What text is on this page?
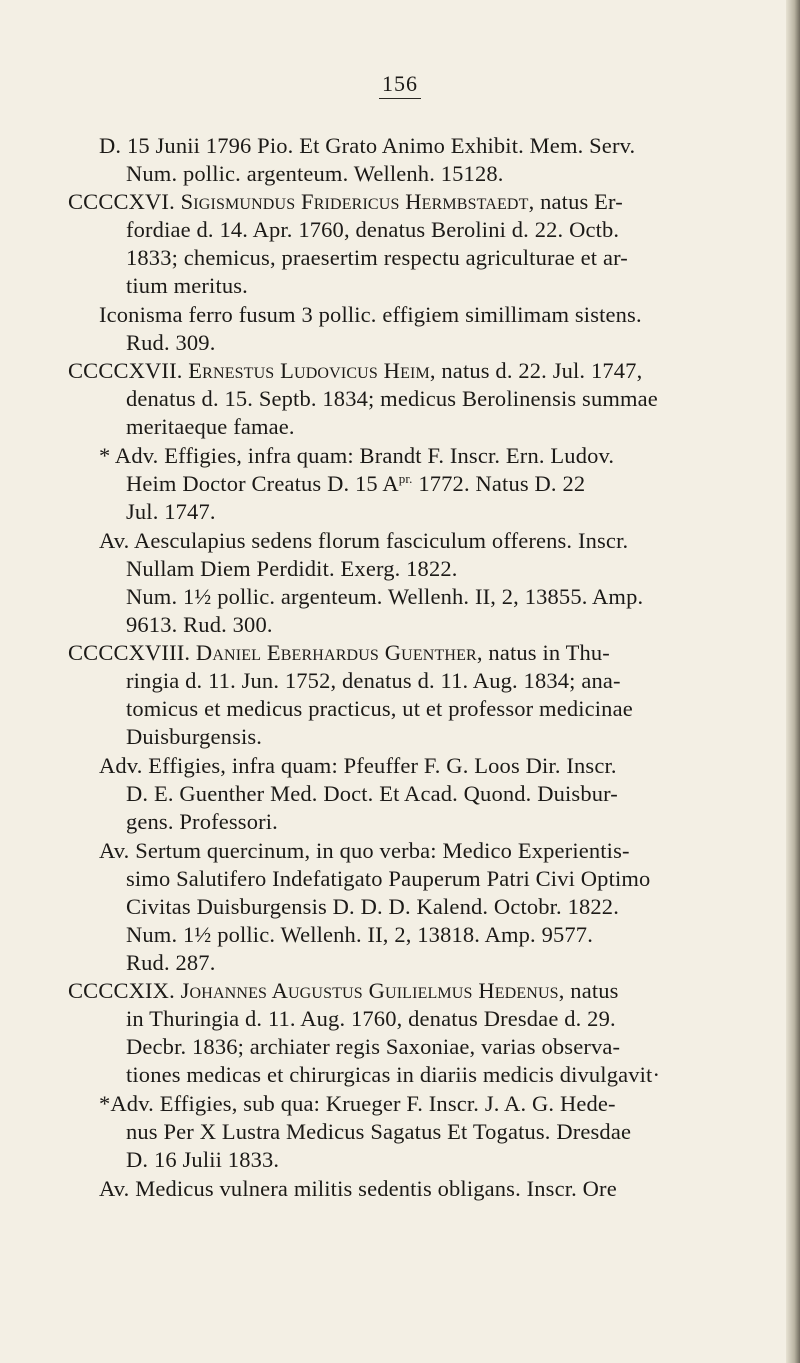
156
D. 15 Junii 1796 Pio. Et Grato Animo Exhibit. Mem. Serv.
Num. pollic. argenteum. Wellenh. 15128.
CCCCXVI. Sigismundus Fridericus Hermbstaedt, natus Er-
fordiae d. 14. Apr. 1760, denatus Berolini d. 22. Octb.
1833; chemicus, praesertim respectu agriculturae et ar-
tium meritus.
Iconisma ferro fusum 3 pollic. effigiem simillimam sistens.
Rud. 309.
CCCCXVII. Ernestus Ludovicus Heim, natus d. 22. Jul. 1747,
denatus d. 15. Septb. 1834; medicus Berolinensis summae
meritaeque famae.
* Adv. Effigies, infra quam: Brandt F. Inscr. Ern. Ludov.
Heim Doctor Creatus D. 15 $A^{pr.}$ 1772. Natus D. 22
Jul. 1747.
Av. Aesculapius sedens florum fasciculum offerens. Inscr.
Nullam Diem Perdidit. Exerg. 1822.
Num. 1½ pollic. argenteum. Wellenh. II, 2, 13855. Amp.
9613. Rud. 300.
CCCCXVIII. Daniel Eberhardus Guenther, natus in Thu-
ringia d. 11. Jun. 1752, denatus d. 11. Aug. 1834; ana-
tomicus et medicus practicus, ut et professor medicinae
Duisburgensis.
Adv. Effigies, infra quam: Pfeuffer F. G. Loos Dir. Inscr.
D. E. Guenther Med. Doct. Et Acad. Quond. Duisbur-
gens. Professori.
Av. Sertum quercinum, in quo verba: Medico Experientis-
simo Salutifero Indefatigato Pauperum Patri Civi Optimo
Civitas Duisburgensis D. D. D. Kalend. Octobr. 1822.
Num. 1½ pollic. Wellenh. II, 2, 13818. Amp. 9577.
Rud. 287.
CCCCXIX. Johannes Augustus Guilielmus Hedenus, natus
in Thuringia d. 11. Aug. 1760, denatus Dresdae d. 29.
Decbr. 1836; archiater regis Saxoniae, varias observa-
tiones medicas et chirurgicas in diariis medicis divulgavit·
*Adv. Effigies, sub qua: Krueger F. Inscr. J. A. G. Hede-
nus Per X Lustra Medicus Sagatus Et Togatus. Dresdae
D. 16 Julii 1833.
Av. Medicus vulnera militis sedentis obligans. Inscr. Ore
